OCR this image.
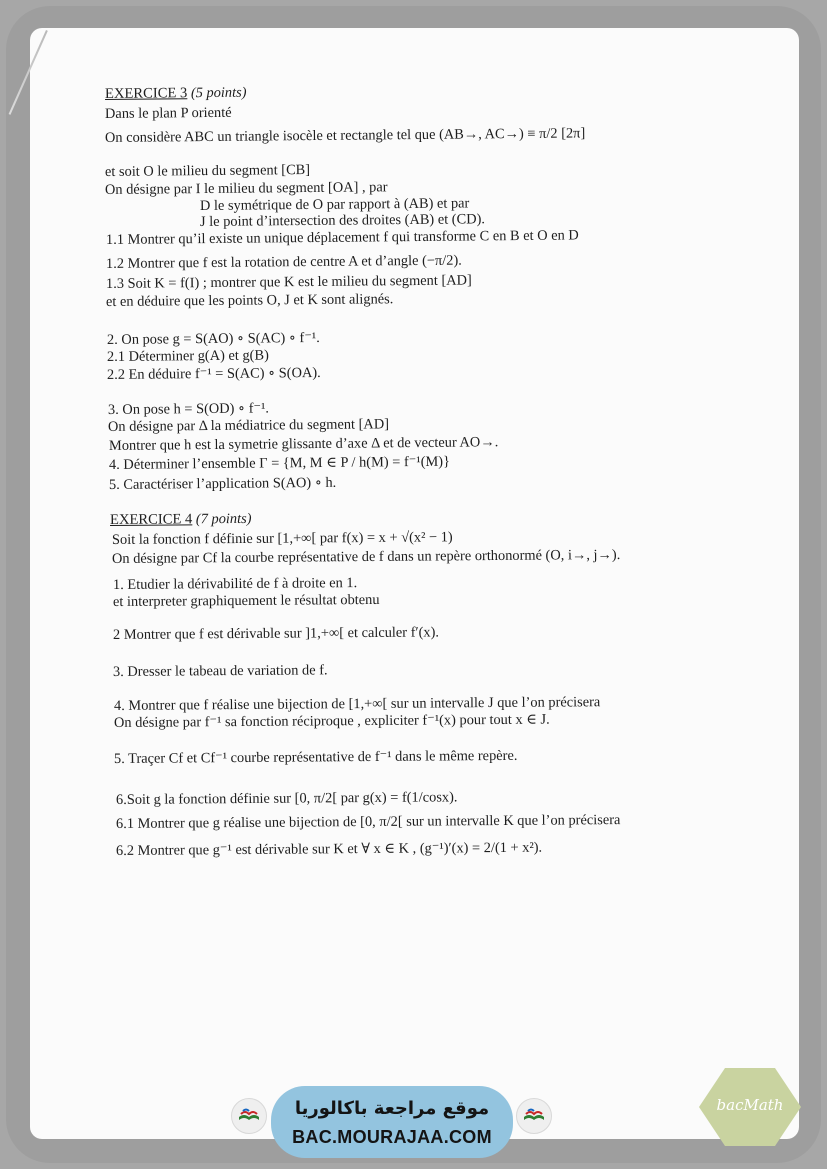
EXERCICE 3 (5 points)
Dans le plan P orienté
On considère ABC un triangle isocèle et rectangle tel que (AB→, AC→) ≡ π/2 [2π]
et soit O le milieu du segment [CB]
On désigne par I le milieu du segment [OA] , par
D le symétrique de O par rapport à (AB) et par
J le point d’intersection des droites (AB) et (CD).
1.1 Montrer qu’il existe un unique déplacement f qui transforme C en B et O en D
1.2 Montrer que f est la rotation de centre A et d’angle (−π/2).
1.3 Soit K = f(I) ; montrer que K est le milieu du segment [AD]
et en déduire que les points O, J et K sont alignés.
2. On pose g = S(AO) ∘ S(AC) ∘ f⁻¹.
2.1 Déterminer g(A) et g(B)
2.2 En déduire f⁻¹ = S(AC) ∘ S(OA).
3. On pose h = S(OD) ∘ f⁻¹.
On désigne par Δ la médiatrice du segment [AD]
Montrer que h est la symetrie glissante d’axe Δ et de vecteur AO→.
4. Déterminer l’ensemble Γ = {M, M ∈ P / h(M) = f⁻¹(M)}
5. Caractériser l’application S(AO) ∘ h.
EXERCICE 4 (7 points)
Soit la fonction f définie sur [1,+∞[ par f(x) = x + √(x² − 1)
On désigne par Cf la courbe représentative de f dans un repère orthonormé (O, i→, j→).
1. Etudier la dérivabilité de f à droite en 1.
et interpreter graphiquement le résultat obtenu
2 Montrer que f est dérivable sur ]1,+∞[ et calculer f′(x).
3. Dresser le tabeau de variation de f.
4. Montrer que f réalise une bijection de [1,+∞[ sur un intervalle J que l’on précisera
On désigne par f⁻¹ sa fonction réciproque , expliciter f⁻¹(x) pour tout x ∈ J.
5. Traçer Cf et Cf⁻¹ courbe représentative de f⁻¹ dans le même repère.
6.Soit g la fonction définie sur [0, π/2[ par g(x) = f(1/cosx).
6.1 Montrer que g réalise une bijection de [0, π/2[ sur un intervalle K que l’on précisera
6.2 Montrer que g⁻¹ est dérivable sur K et ∀ x ∈ K , (g⁻¹)′(x) = 2/(1 + x²).
موقع مراجعة باكالوريا
BAC.MOURAJAA.COM
bacMath
